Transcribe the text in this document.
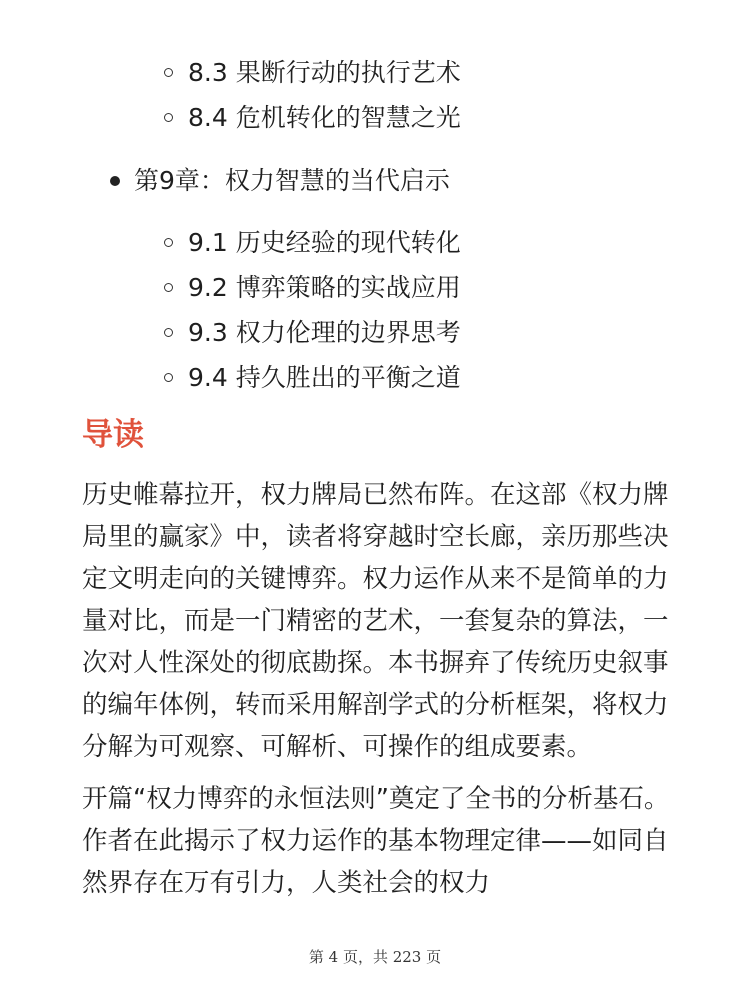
8.3 果断行动的执行艺术
8.4 危机转化的智慧之光
第9章：权力智慧的当代启示
9.1 历史经验的现代转化
9.2 博弈策略的实战应用
9.3 权力伦理的边界思考
9.4 持久胜出的平衡之道
导读

历史帷幕拉开，权力牌局已然布阵。在这部《权力牌局里的赢家》中，读者将穿越时空长廊，亲历那些决定文明走向的关键博弈。权力运作从来不是简单的力量对比，而是一门精密的艺术，一套复杂的算法，一次对人性深处的彻底勘探。本书摒弃了传统历史叙事的编年体例，转而采用解剖学式的分析框架，将权力分解为可观察、可解析、可操作的组成要素。

开篇“权力博弈的永恒法则”奠定了全书的分析基石。作者在此揭示了权力运作的基本物理定律——如同自然界存在万有引力，人类社会的权力

第 4 页，共 223 页
